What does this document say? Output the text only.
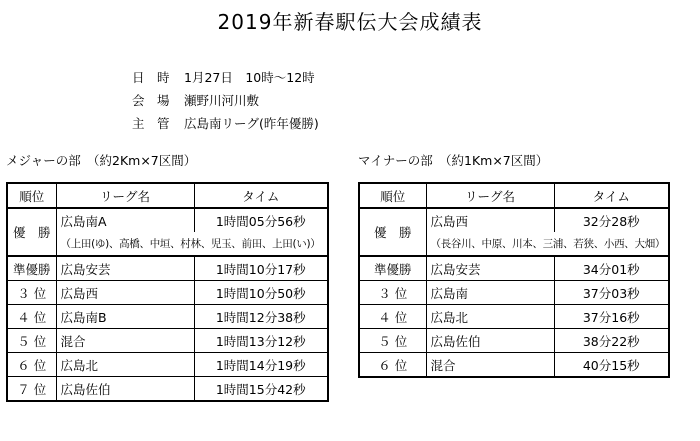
2019年新春駅伝大会成績表
日　時	1月27日　10時～12時
会　場	瀬野川河川敷
主　管	広島南リーグ(昨年優勝)
メジャーの部　（約2Km×7区間）	マイナーの部　（約1Km×7区間）
順位	リーグ名	タイム
優　勝	広島南A	1時間05分56秒
	（上田(ゆ)、高橋、中垣、村林、児玉、前田、上田(い)）	
準優勝	広島安芸	1時間10分17秒
３ 位	広島西	1時間10分50秒
４ 位	広島南B	1時間12分38秒
５ 位	混合	1時間13分12秒
６ 位	広島北	1時間14分19秒
７ 位	広島佐伯	1時間15分42秒
順位	リーグ名	タイム
優　勝	広島西	32分28秒
	（長谷川、中原、川本、三浦、若狭、小西、大畑）	
準優勝	広島安芸	34分01秒
３ 位	広島南	37分03秒
４ 位	広島北	37分16秒
５ 位	広島佐伯	38分22秒
６ 位	混合	40分15秒
